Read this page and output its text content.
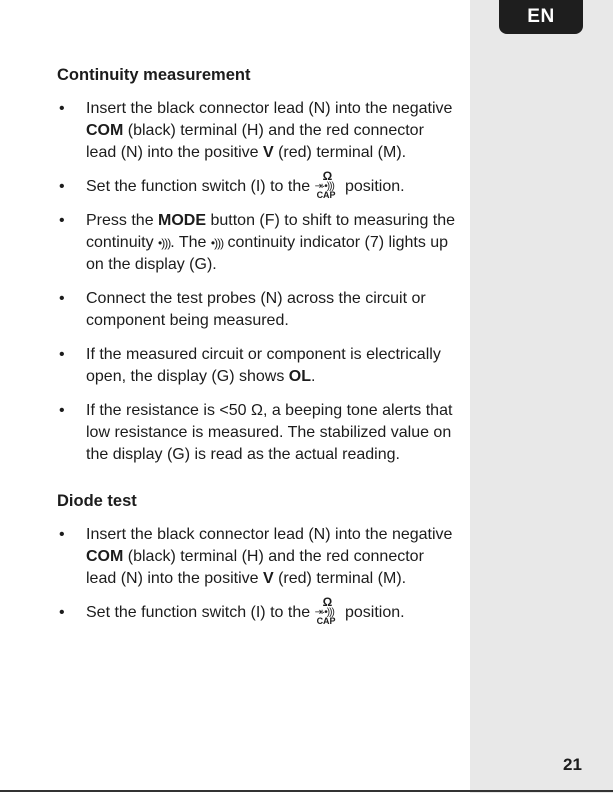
EN
21
Continuity measurement
• Insert the black connector lead (N) into the negative COM (black) terminal (H) and the red connector lead (N) into the positive V (red) terminal (M).
• Set the function switch (I) to the
Ω
⇥·•)))
CAP position.
• Press the MODE button (F) to shift to measuring the continuity •))). The •))) continuity indicator (7) lights up on the display (G).
• Connect the test probes (N) across the circuit or component being measured.
• If the measured circuit or component is electrically open, the display (G) shows OL.
• If the resistance is <50 Ω, a beeping tone alerts that low resistance is measured. The stabilized value on the display (G) is read as the actual reading.
Diode test
• Insert the black connector lead (N) into the negative COM (black) terminal (H) and the red connector lead (N) into the positive V (red) terminal (M).
• Set the function switch (I) to the
Ω
⇥·•)))
CAP position.
